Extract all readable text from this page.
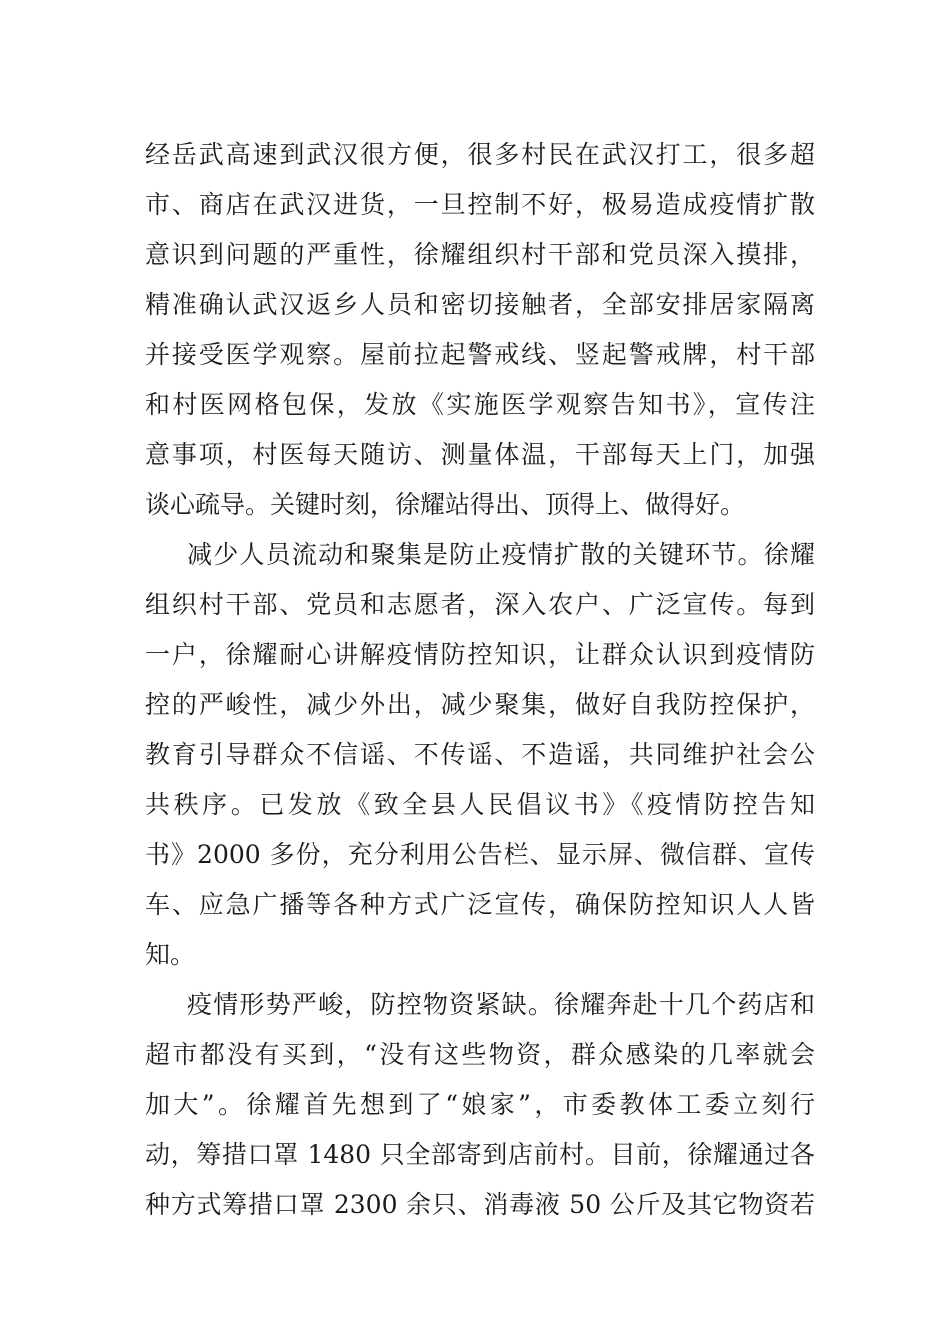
经岳武高速到武汉很方便，很多村民在武汉打工，很多超
市、商店在武汉进货，一旦控制不好，极易造成疫情扩散
意识到问题的严重性，徐耀组织村干部和党员深入摸排，
精准确认武汉返乡人员和密切接触者，全部安排居家隔离
并接受医学观察。屋前拉起警戒线、竖起警戒牌，村干部
和村医网格包保，发放《实施医学观察告知书》，宣传注
意事项，村医每天随访、测量体温，干部每天上门，加强
谈心疏导。关键时刻，徐耀站得出、顶得上、做得好。
减少人员流动和聚集是防止疫情扩散的关键环节。徐耀
组织村干部、党员和志愿者，深入农户、广泛宣传。每到
一户，徐耀耐心讲解疫情防控知识，让群众认识到疫情防
控的严峻性，减少外出，减少聚集，做好自我防控保护，
教育引导群众不信谣、不传谣、不造谣，共同维护社会公
共秩序。已发放《致全县人民倡议书》《疫情防控告知
书》2000 多份，充分利用公告栏、显示屏、微信群、宣传
车、应急广播等各种方式广泛宣传，确保防控知识人人皆
知。
疫情形势严峻，防控物资紧缺。徐耀奔赴十几个药店和
超市都没有买到，“没有这些物资，群众感染的几率就会
加大”。徐耀首先想到了“娘家”，市委教体工委立刻行
动，筹措口罩 1480 只全部寄到店前村。目前，徐耀通过各
种方式筹措口罩 2300 余只、消毒液 50 公斤及其它物资若
